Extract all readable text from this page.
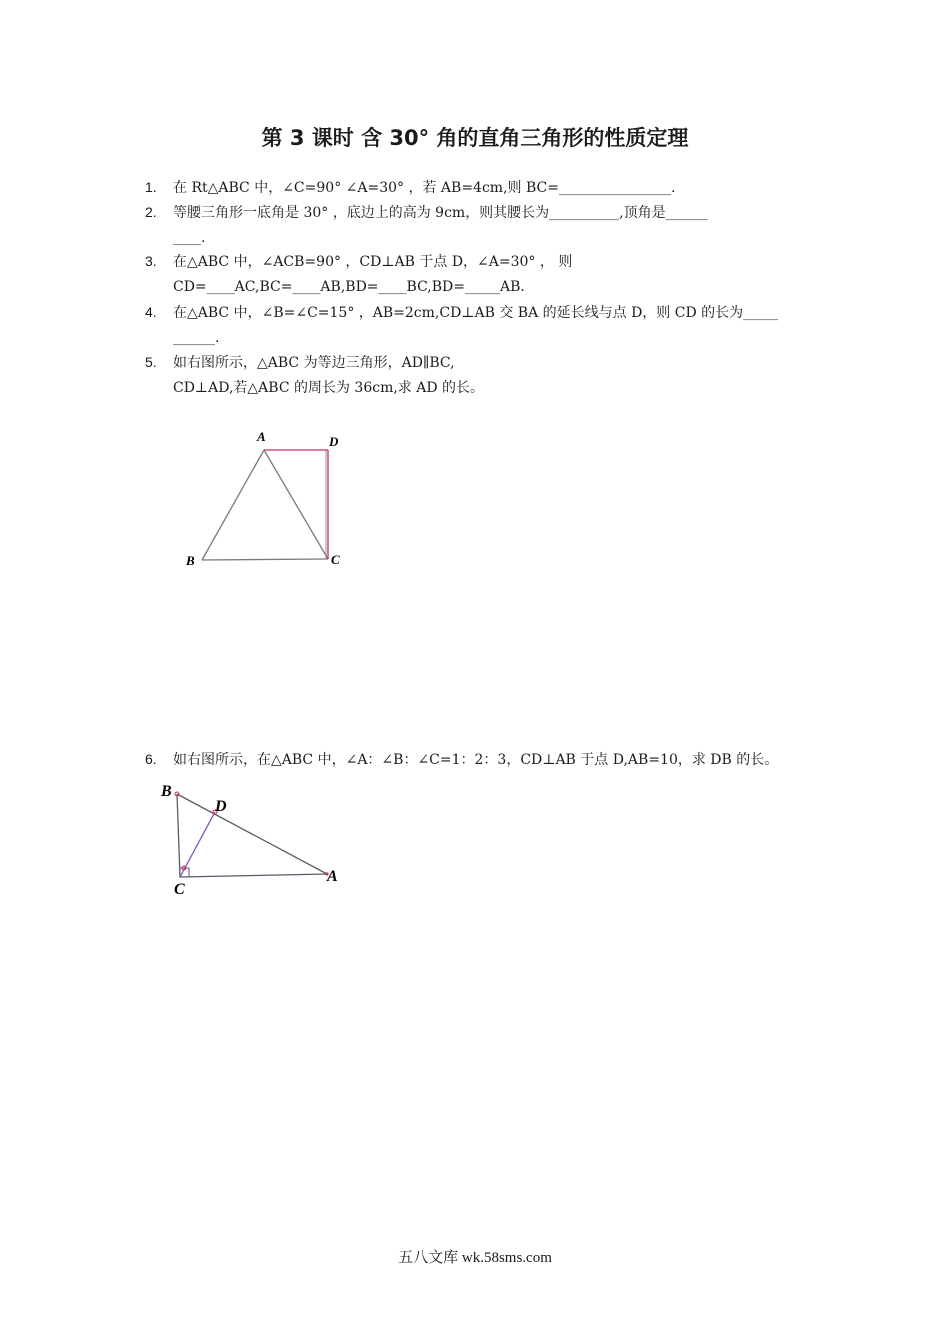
第 3 课时 含 30° 角的直角三角形的性质定理
1. 在 Rt△ABC 中，∠C=90° ∠A=30° ，若 AB=4cm,则 BC=________________.
2. 等腰三角形一底角是 30° ，底边上的高为 9cm，则其腰长为__________,顶角是______
____.
3. 在△ABC 中，∠ACB=90° ，CD⊥AB 于点 D，∠A=30° ， 则
CD=____AC,BC=____AB,BD=____BC,BD=_____AB.
4. 在△ABC 中，∠B=∠C=15° ，AB=2cm,CD⊥AB 交 BA 的延长线与点 D，则 CD 的长为_____
______.
5. 如右图所示，△ABC 为等边三角形，AD∥BC,
CD⊥AD,若△ABC 的周长为 36cm,求 AD 的长。
A	D
B	C
6. 如右图所示，在△ABC 中，∠A：∠B：∠C=1：2：3，CD⊥AB 于点 D,AB=10，求 DB 的长。
B
D
C
A
五八文库 wk.58sms.com
